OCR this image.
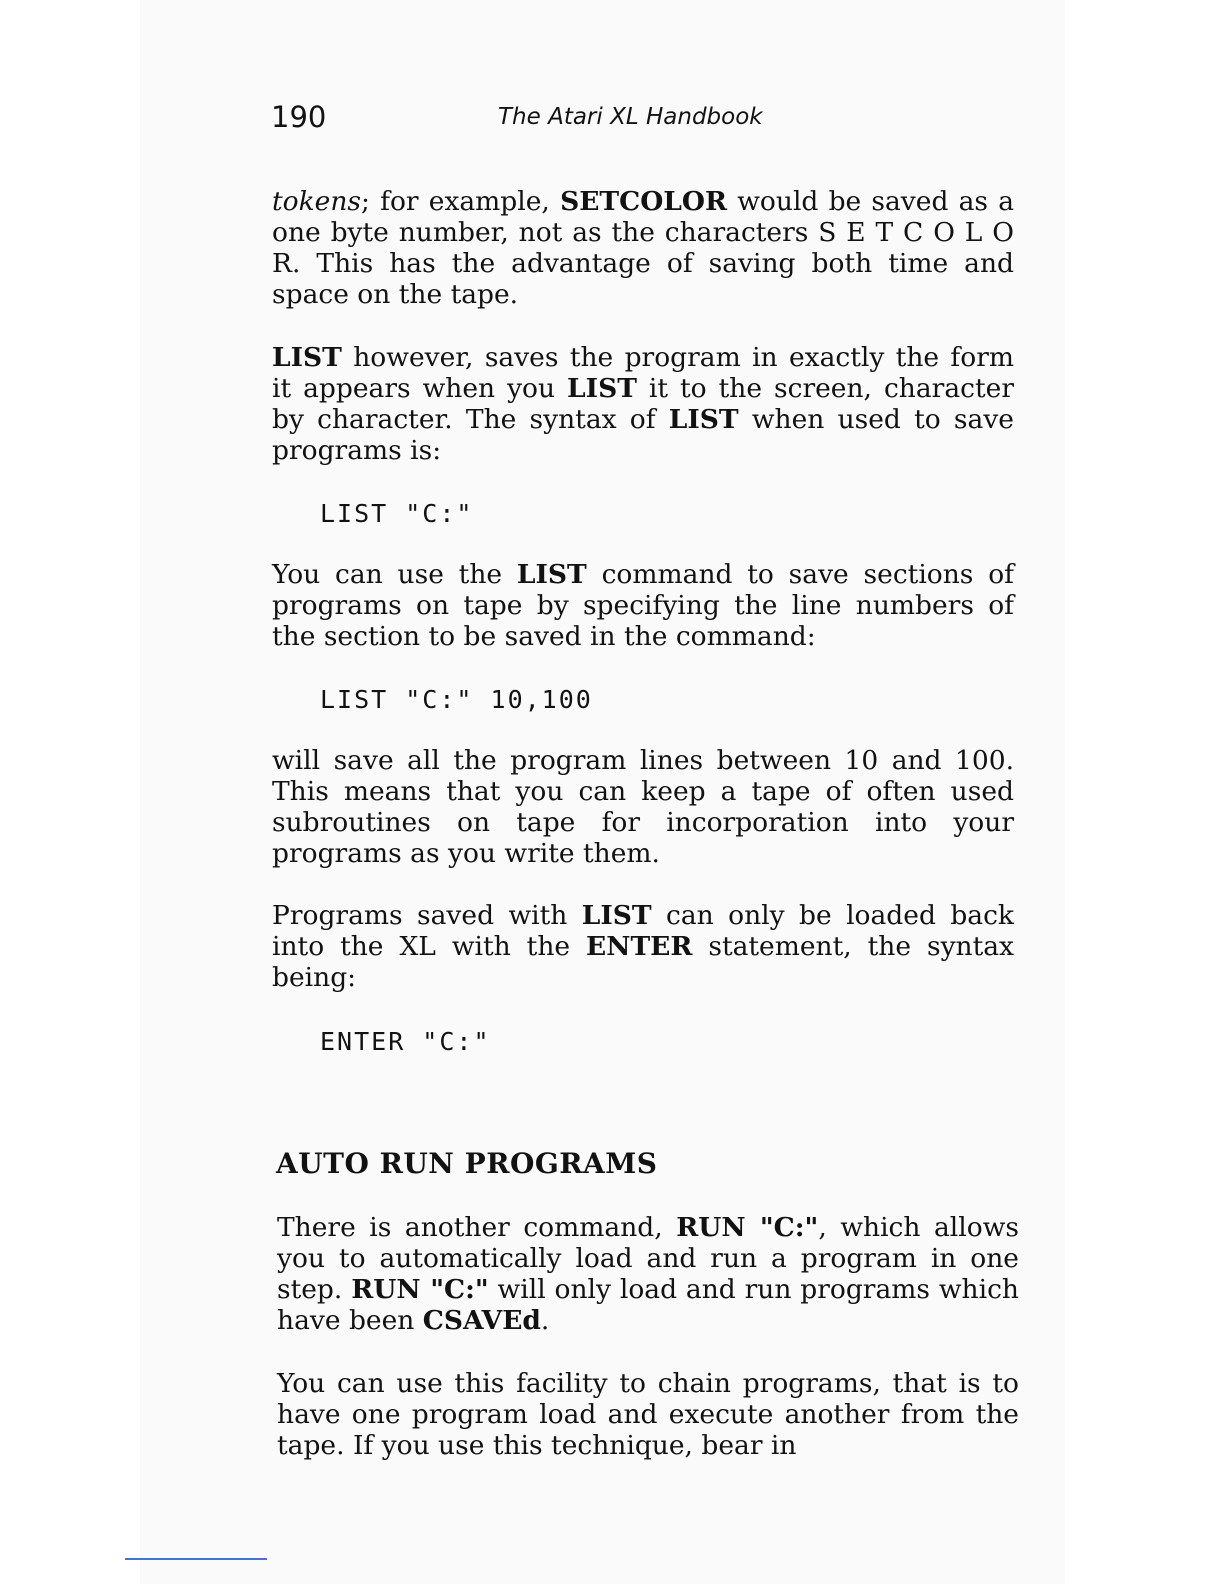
190	The Atari XL Handbook

tokens; for example, SETCOLOR would be saved as a one byte number, not as the characters S E T C O L O R. This has the advantage of saving both time and space on the tape.

LIST however, saves the program in exactly the form it appears when you LIST it to the screen, character by character. The syntax of LIST when used to save programs is:

LIST "C:"

You can use the LIST command to save sections of programs on tape by specifying the line numbers of the section to be saved in the command:

LIST "C:" 10,100

will save all the program lines between 10 and 100. This means that you can keep a tape of often used subroutines on tape for incorporation into your programs as you write them.

Programs saved with LIST can only be loaded back into the XL with the ENTER statement, the syntax being:

ENTER "C:"
AUTO RUN PROGRAMS

There is another command, RUN "C:", which allows you to automatically load and run a program in one step. RUN "C:" will only load and run programs which have been CSAVEd.

You can use this facility to chain programs, that is to have one program load and execute another from the tape. If you use this technique, bear in
